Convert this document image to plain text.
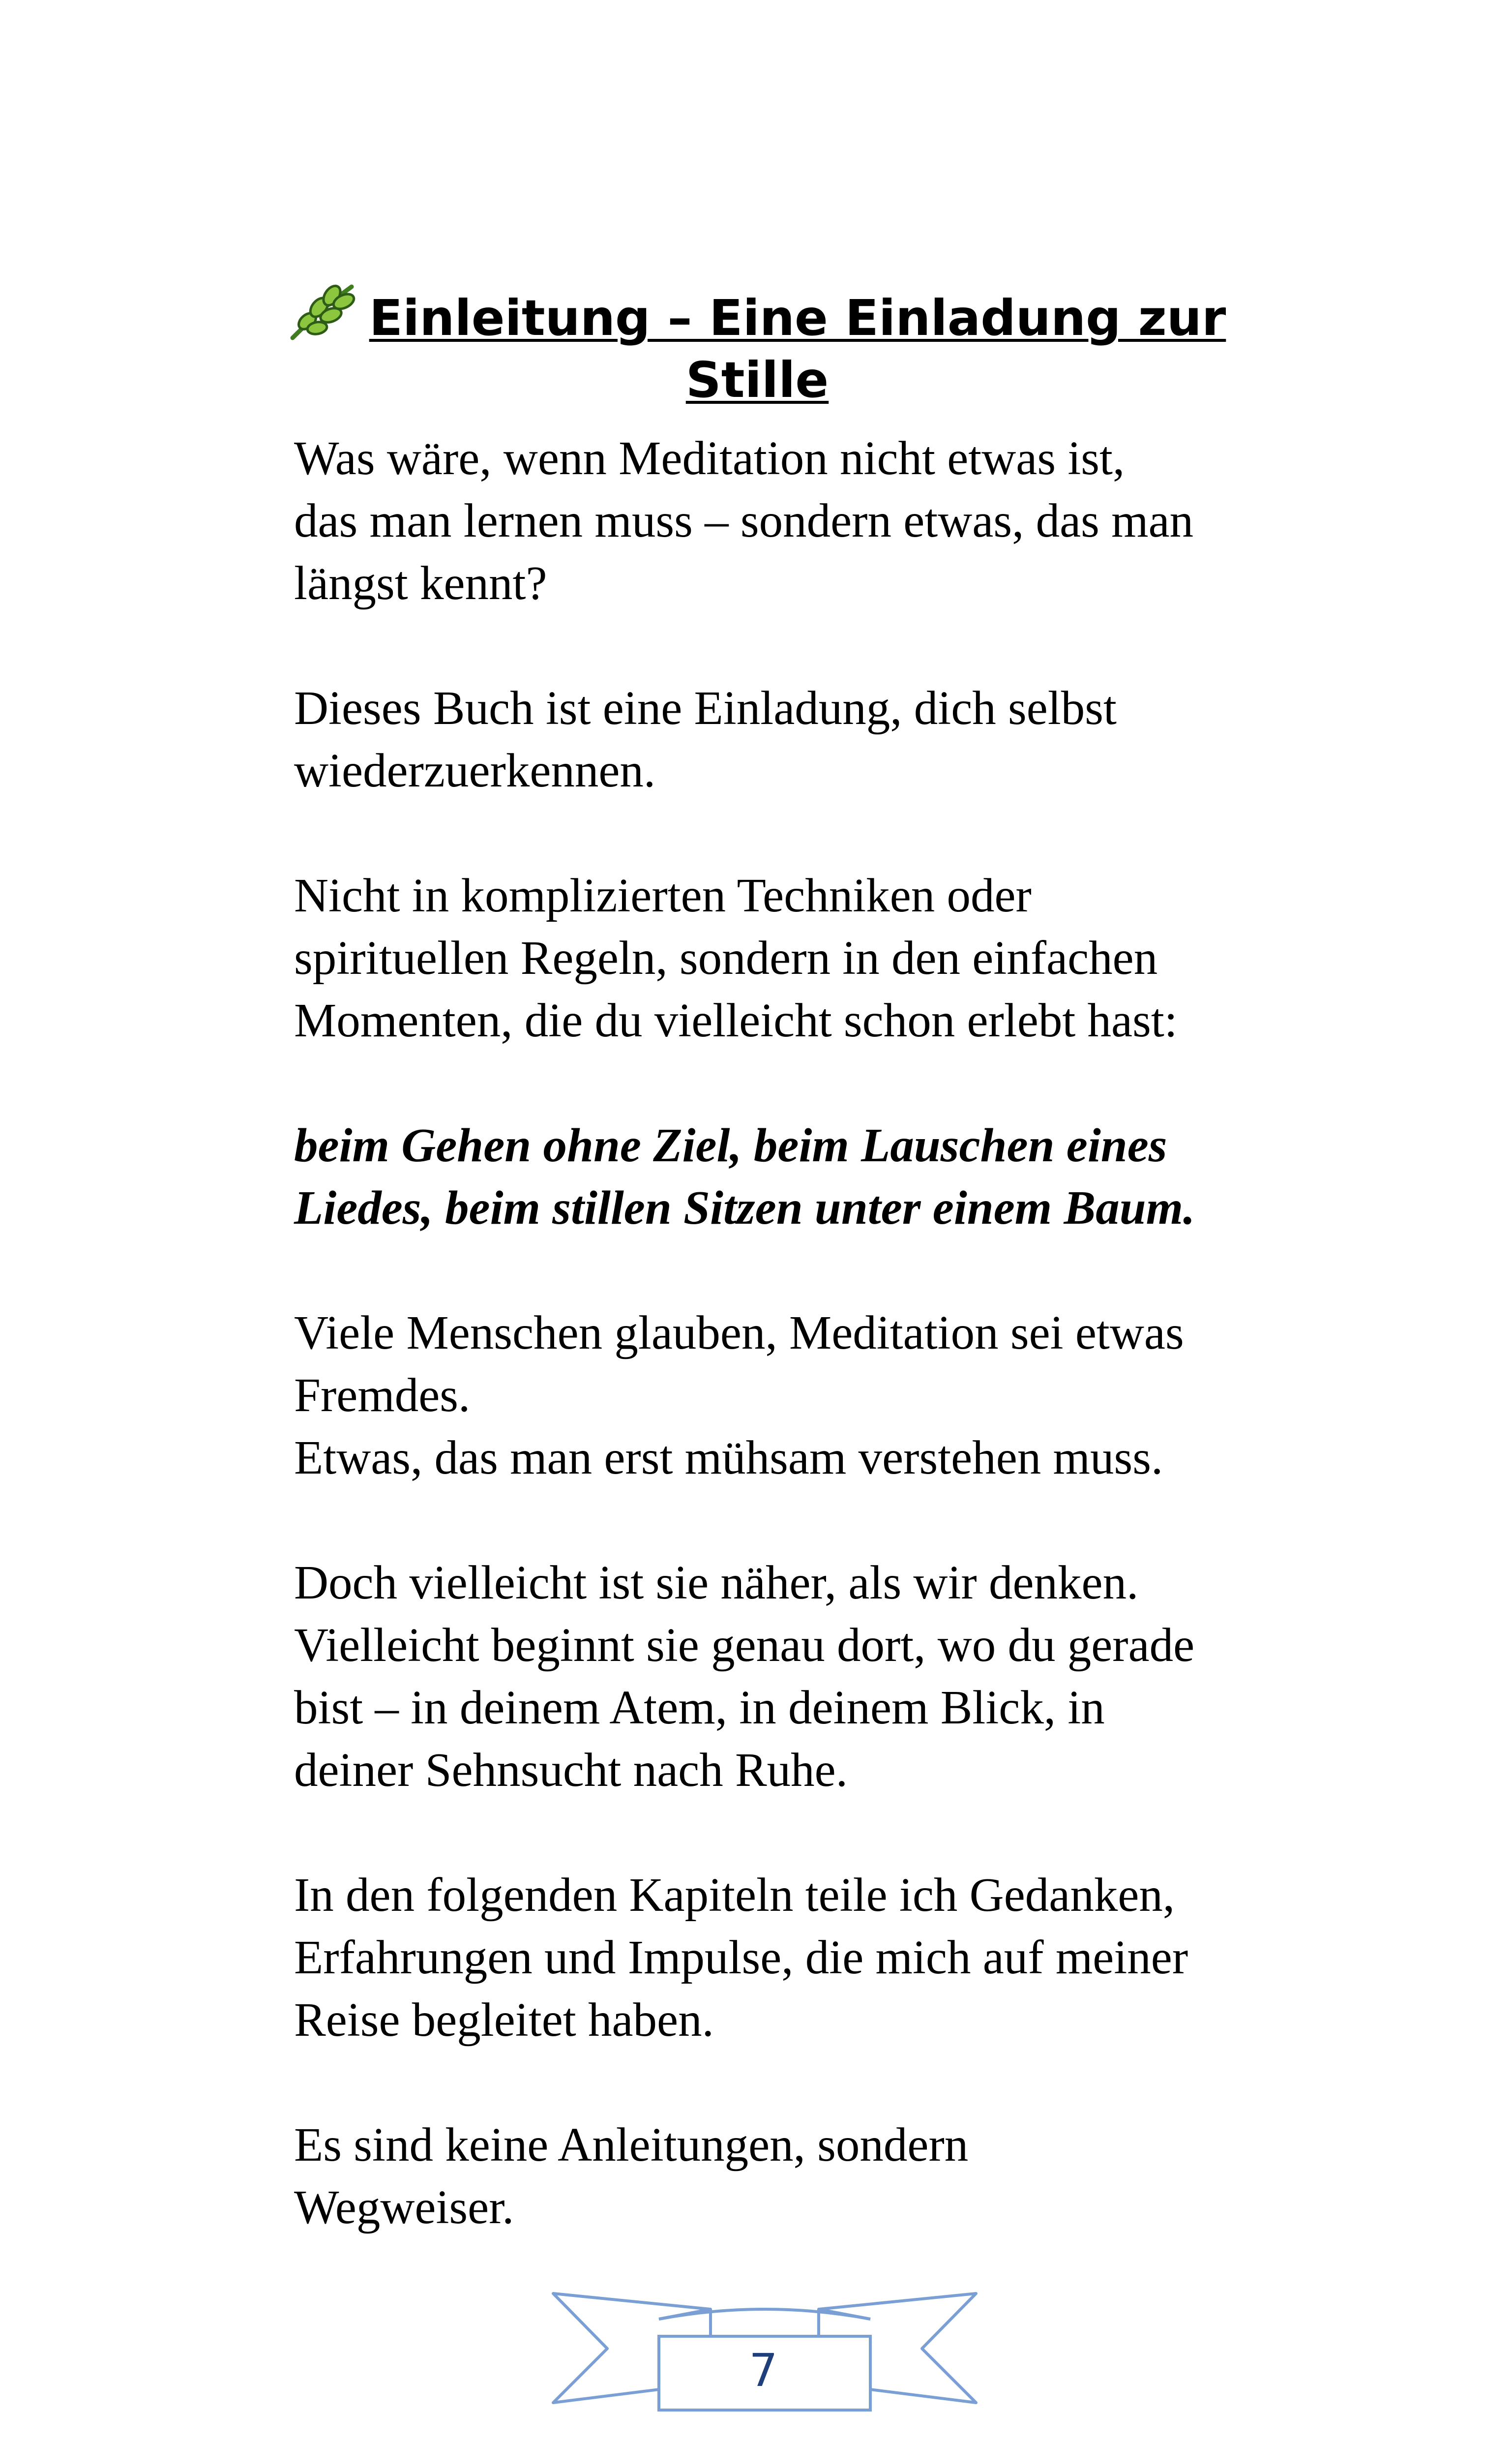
Einleitung – Eine Einladung zur Stille

Was wäre, wenn Meditation nicht etwas ist,
das man lernen muss – sondern etwas, das man
längst kennt?

Dieses Buch ist eine Einladung, dich selbst
wiederzuerkennen.

Nicht in komplizierten Techniken oder
spirituellen Regeln, sondern in den einfachen
Momenten, die du vielleicht schon erlebt hast:

beim Gehen ohne Ziel, beim Lauschen eines
Liedes, beim stillen Sitzen unter einem Baum.

Viele Menschen glauben, Meditation sei etwas
Fremdes.
Etwas, das man erst mühsam verstehen muss.

Doch vielleicht ist sie näher, als wir denken.
Vielleicht beginnt sie genau dort, wo du gerade
bist – in deinem Atem, in deinem Blick, in
deiner Sehnsucht nach Ruhe.

In den folgenden Kapiteln teile ich Gedanken,
Erfahrungen und Impulse, die mich auf meiner
Reise begleitet haben.

Es sind keine Anleitungen, sondern
Wegweiser.

7
